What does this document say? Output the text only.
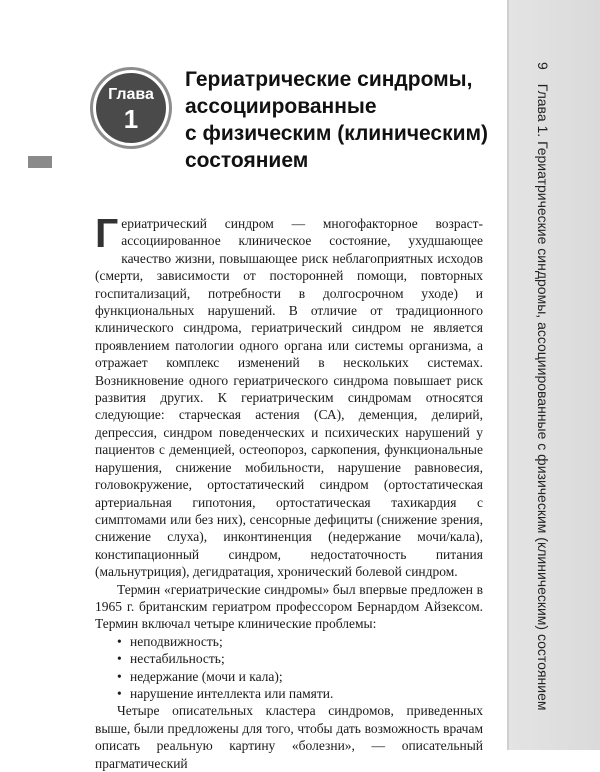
9Глава 1. Гериатрические синдромы, ассоциированные с физическим (клиническим) состоянием
Глава
1
Гериатрические синдромы,
ассоциированные
с физическим (клиническим)
состоянием

Гериатрический синдром — многофакторное возраст-ассоциированное клиническое состояние, ухудшающее качество жизни, повышающее риск неблагоприятных исходов (смерти, зависимости от посторонней помощи, повторных госпитализаций, потребности в долгосрочном уходе) и функциональных нарушений. В отличие от традиционного клинического синдрома, гериатрический синдром не является проявлением патологии одного органа или системы организма, а отражает комплекс изменений в нескольких системах. Возникновение одного гериатрического синдрома повышает риск развития других. К гериатрическим синдромам относятся следующие: старческая астения (СА), деменция, делирий, депрессия, синдром поведенческих и психических нарушений у пациентов с деменцией, остеопороз, саркопения, функциональные нарушения, снижение мобильности, нарушение равновесия, головокружение, ортостатический синдром (ортостатическая артериальная гипотония, ортостатическая тахикардия с симптомами или без них), сенсорные дефициты (снижение зрения, снижение слуха), инконтиненция (недержание мочи/кала), констипационный синдром, недостаточность питания (мальнутриция), дегидратация, хронический болевой синдром.

Термин «гериатрические синдромы» был впервые предложен в 1965 г. британским гериатром профессором Бернардом Айзексом. Термин включал четыре клинические проблемы:

• неподвижность;
• нестабильность;
• недержание (мочи и кала);
• нарушение интеллекта или памяти.

Четыре описательных кластера синдромов, приведенных выше, были предложены для того, чтобы дать возможность врачам описать реальную картину «болезни», — описательный прагматический
